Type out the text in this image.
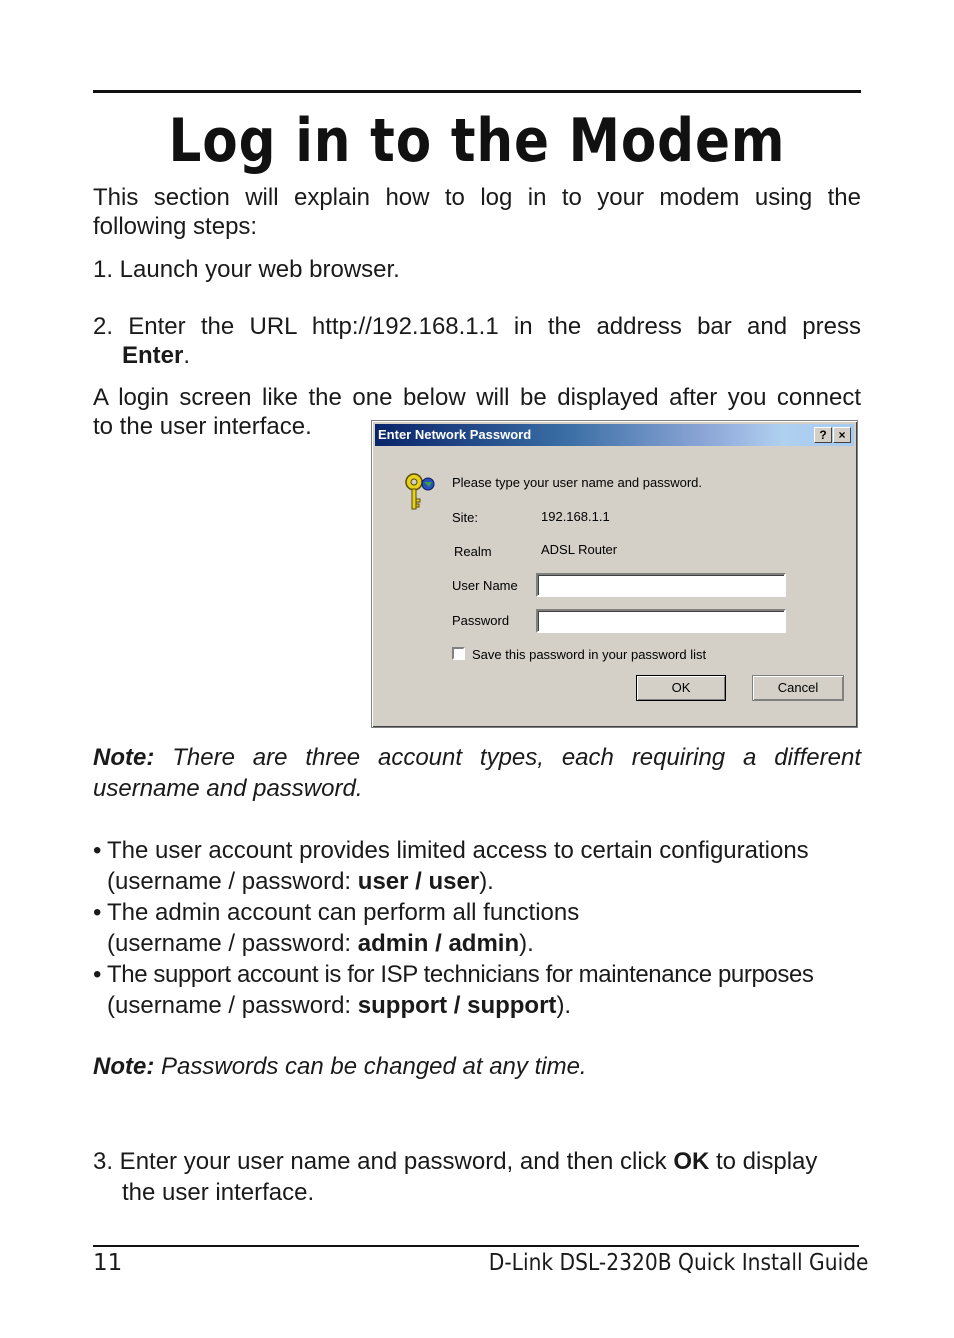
Log in to the Modem
This section will explain how to log in to your modem using the
following steps:
1. Launch your web browser.
2. Enter the URL http://192.168.1.1 in the address bar and press
Enter.
A login screen like the one below will be displayed after you connect
to the user interface.	Enter Network Password	? ×
Please type your user name and password.
Site:	192.168.1.1
Realm	ADSL Router
User Name
Password
Save this password in your password list
OK	Cancel
Note: There are three account types, each requiring a different
username and password.
• The user account provides limited access to certain configurations
(username / password: user / user).
• The admin account can perform all functions
(username / password: admin / admin).
• The support account is for ISP technicians for maintenance purposes
(username / password: support / support).
Note: Passwords can be changed at any time.
3. Enter your user name and password, and then click OK to display
the user interface.
11	D-Link DSL-2320B Quick Install Guide
